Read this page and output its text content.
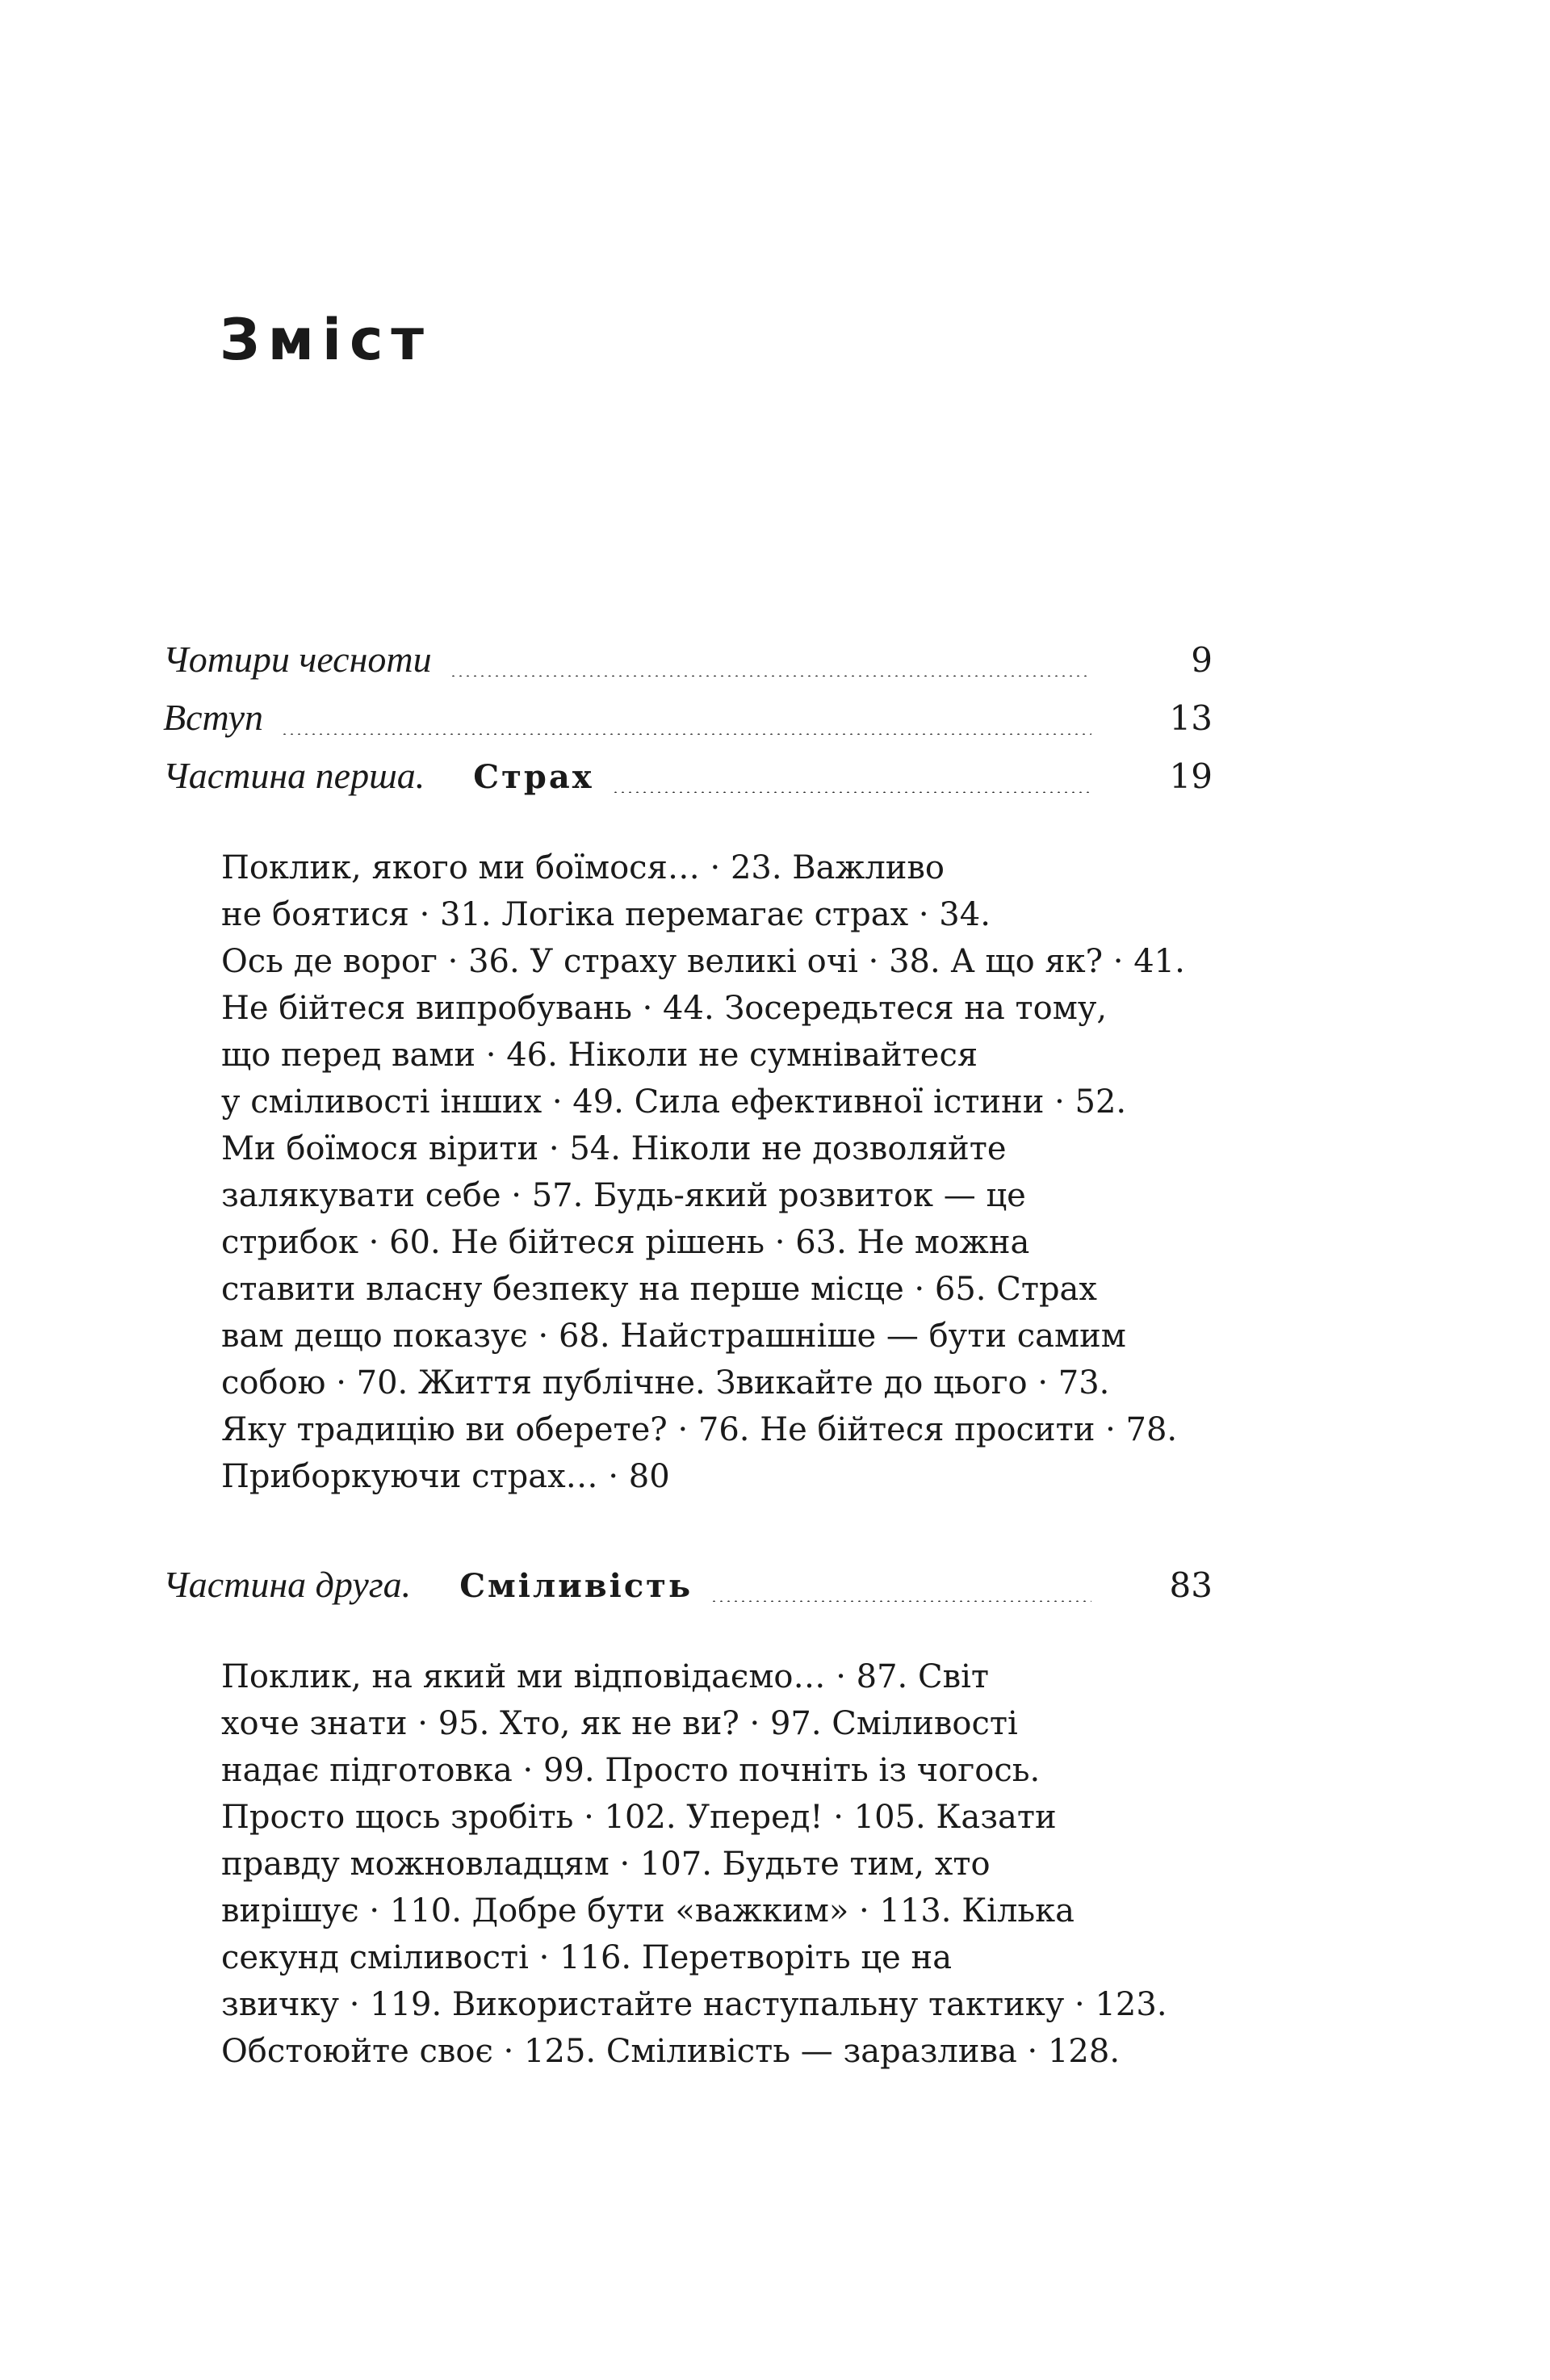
Зміст
Чотири чесноти	9
Вступ	13
Частина перша. Страх	19
Поклик, якого ми боїмося… · 23. Важливо
не боятися · 31. Логіка перемагає страх · 34.
Ось де ворог · 36. У страху великі очі · 38. А що як? · 41.
Не бійтеся випробувань · 44. Зосередьтеся на тому,
що перед вами · 46. Ніколи не сумнівайтеся
у сміливості інших · 49. Сила ефективної істини · 52.
Ми боїмося вірити · 54. Ніколи не дозволяйте
залякувати себе · 57. Будь-який розвиток — це
стрибок · 60. Не бійтеся рішень · 63. Не можна
ставити власну безпеку на перше місце · 65. Страх
вам дещо показує · 68. Найстрашніше — бути самим
собою · 70. Життя публічне. Звикайте до цього · 73.
Яку традицію ви оберете? · 76. Не бійтеся просити · 78.
Приборкуючи страх… · 80
Частина друга. Сміливість	83
Поклик, на який ми відповідаємо… · 87. Світ
хоче знати · 95. Хто, як не ви? · 97. Сміливості
надає підготовка · 99. Просто почніть із чогось.
Просто щось зробіть · 102. Уперед! · 105. Казати
правду можновладцям · 107. Будьте тим, хто
вирішує · 110. Добре бути «важким» · 113. Кілька
секунд сміливості · 116. Перетворіть це на
звичку · 119. Використайте наступальну тактику · 123.
Обстоюйте своє · 125. Сміливість — заразлива · 128.
